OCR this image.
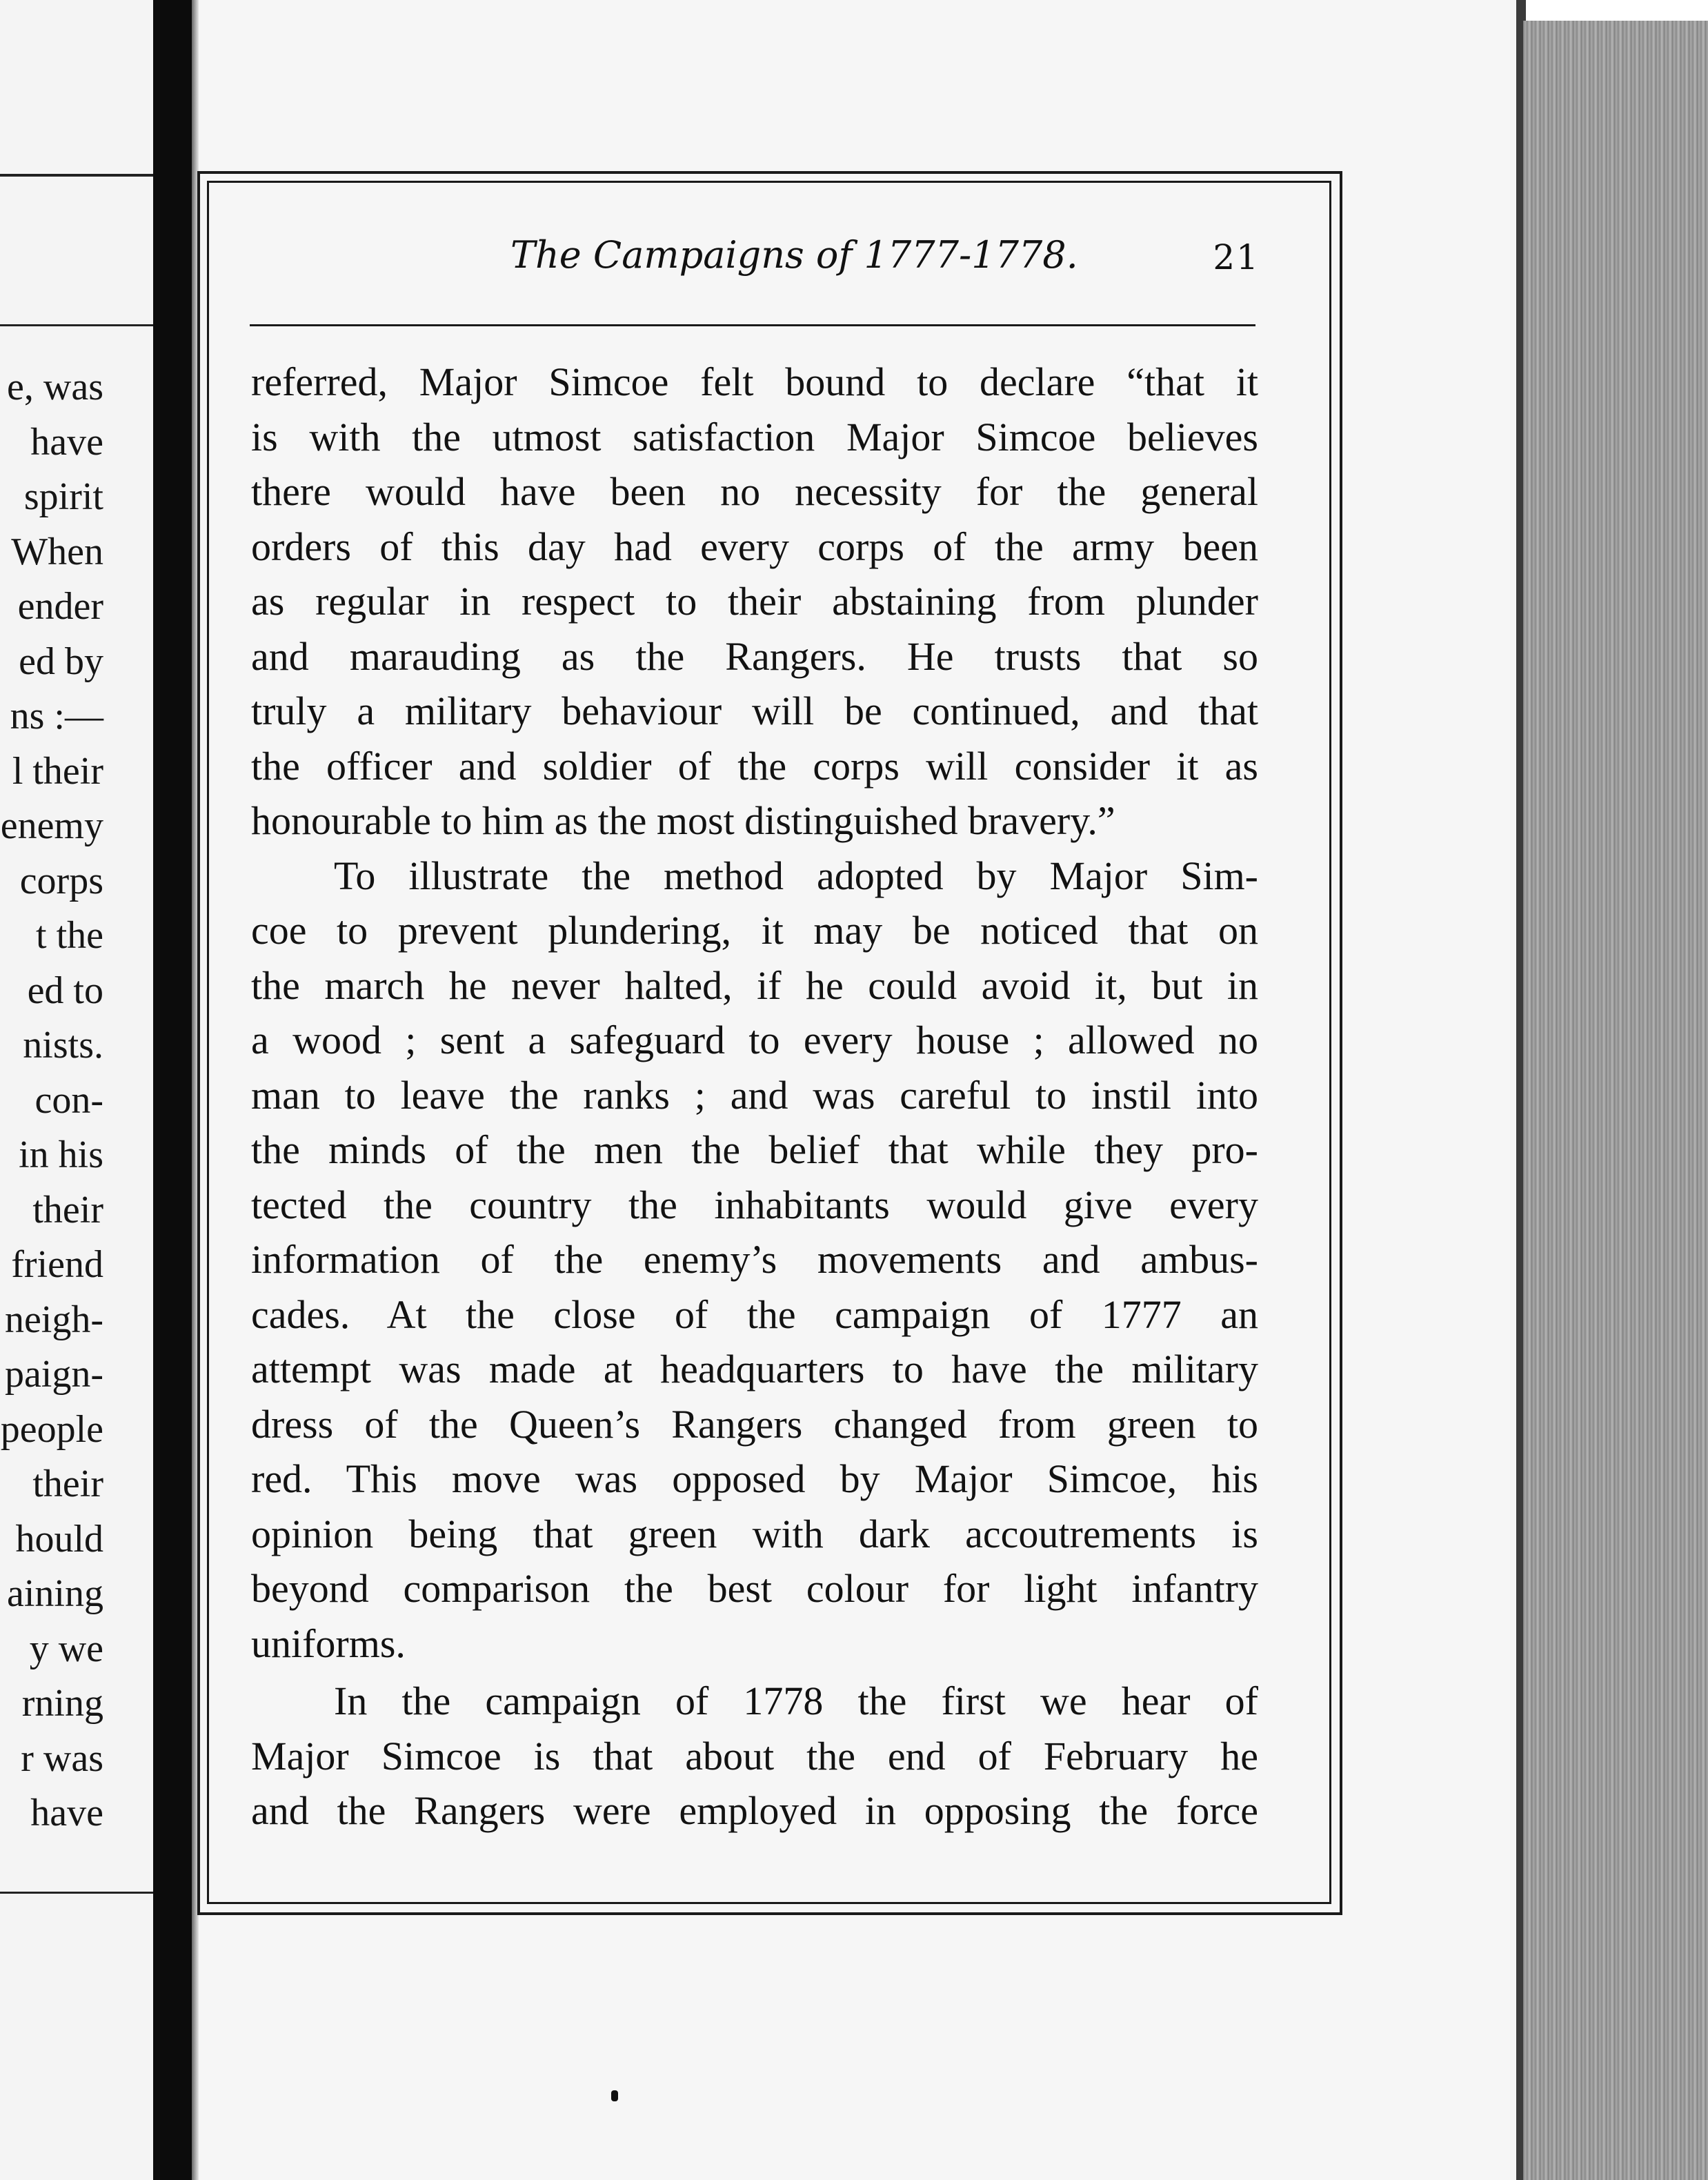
e, was
have
spirit
When
ender
ed by
ns :—
l their
enemy
corps
t the
ed to
nists.
con-
in his
their
friend
neigh-
paign-
people
their
hould
aining
y we
rning
r was
have
The Campaigns of 1777-1778.	21
referred, Major Simcoe felt bound to declare “that it
is with the utmost satisfaction Major Simcoe believes
there would have been no necessity for the general
orders of this day had every corps of the army been
as regular in respect to their abstaining from plunder
and marauding as the Rangers. He trusts that so
truly a military behaviour will be continued, and that
the officer and soldier of the corps will consider it as
honourable to him as the most distinguished bravery.”
To illustrate the method adopted by Major Sim-
coe to prevent plundering, it may be noticed that on
the march he never halted, if he could avoid it, but in
a wood ; sent a safeguard to every house ; allowed no
man to leave the ranks ; and was careful to instil into
the minds of the men the belief that while they pro-
tected the country the inhabitants would give every
information of the enemy’s movements and ambus-
cades. At the close of the campaign of 1777 an
attempt was made at headquarters to have the military
dress of the Queen’s Rangers changed from green to
red. This move was opposed by Major Simcoe, his
opinion being that green with dark accoutrements is
beyond comparison the best colour for light infantry
uniforms.
In the campaign of 1778 the first we hear of
Major Simcoe is that about the end of February he
and the Rangers were employed in opposing the force
